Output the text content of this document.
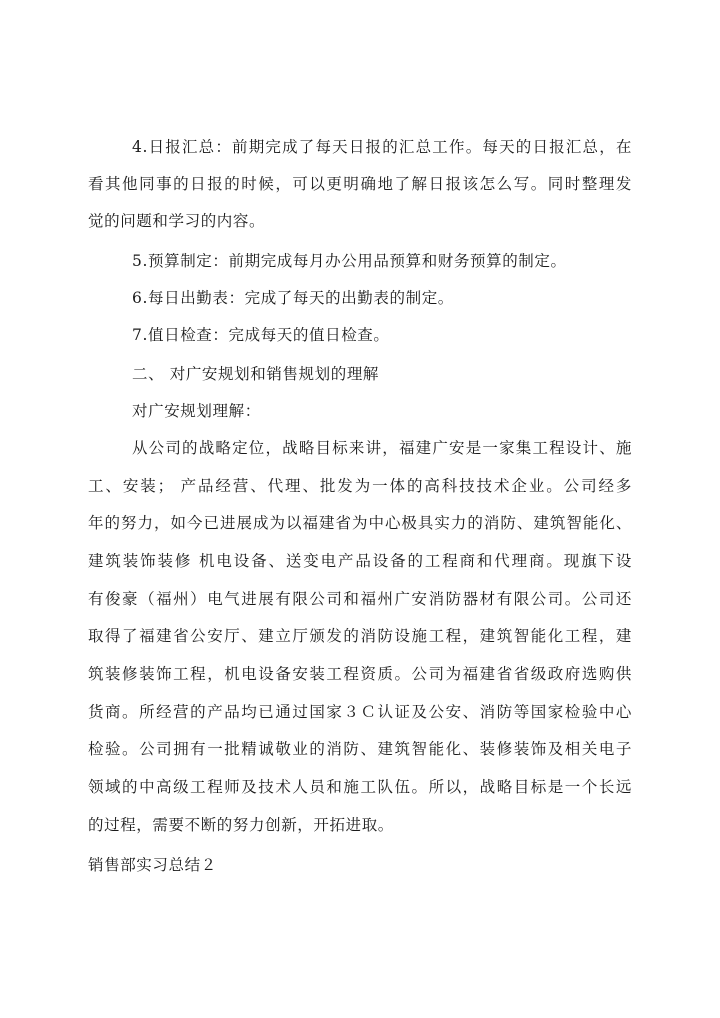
4.日报汇总：前期完成了每天日报的汇总工作。每天的日报汇总，在
看其他同事的日报的时候，可以更明确地了解日报该怎么写。同时整理发
觉的问题和学习的内容。
5.预算制定：前期完成每月办公用品预算和财务预算的制定。
6.每日出勤表：完成了每天的出勤表的制定。
7.值日检查：完成每天的值日检查。
二、 对广安规划和销售规划的理解
对广安规划理解：
从公司的战略定位，战略目标来讲，福建广安是一家集工程设计、施
工、安装； 产品经营、代理、批发为一体的高科技技术企业。公司经多
年的努力，如今已进展成为以福建省为中心极具实力的消防、建筑智能化、
建筑装饰装修 机电设备、送变电产品设备的工程商和代理商。现旗下设
有俊豪（福州）电气进展有限公司和福州广安消防器材有限公司。公司还
取得了福建省公安厅、建立厅颁发的消防设施工程，建筑智能化工程，建
筑装修装饰工程，机电设备安装工程资质。公司为福建省省级政府选购供
货商。所经营的产品均已通过国家３Ｃ认证及公安、消防等国家检验中心
检验。公司拥有一批精诚敬业的消防、建筑智能化、装修装饰及相关电子
领域的中高级工程师及技术人员和施工队伍。所以，战略目标是一个长远
的过程，需要不断的努力创新，开拓进取。
销售部实习总结２
